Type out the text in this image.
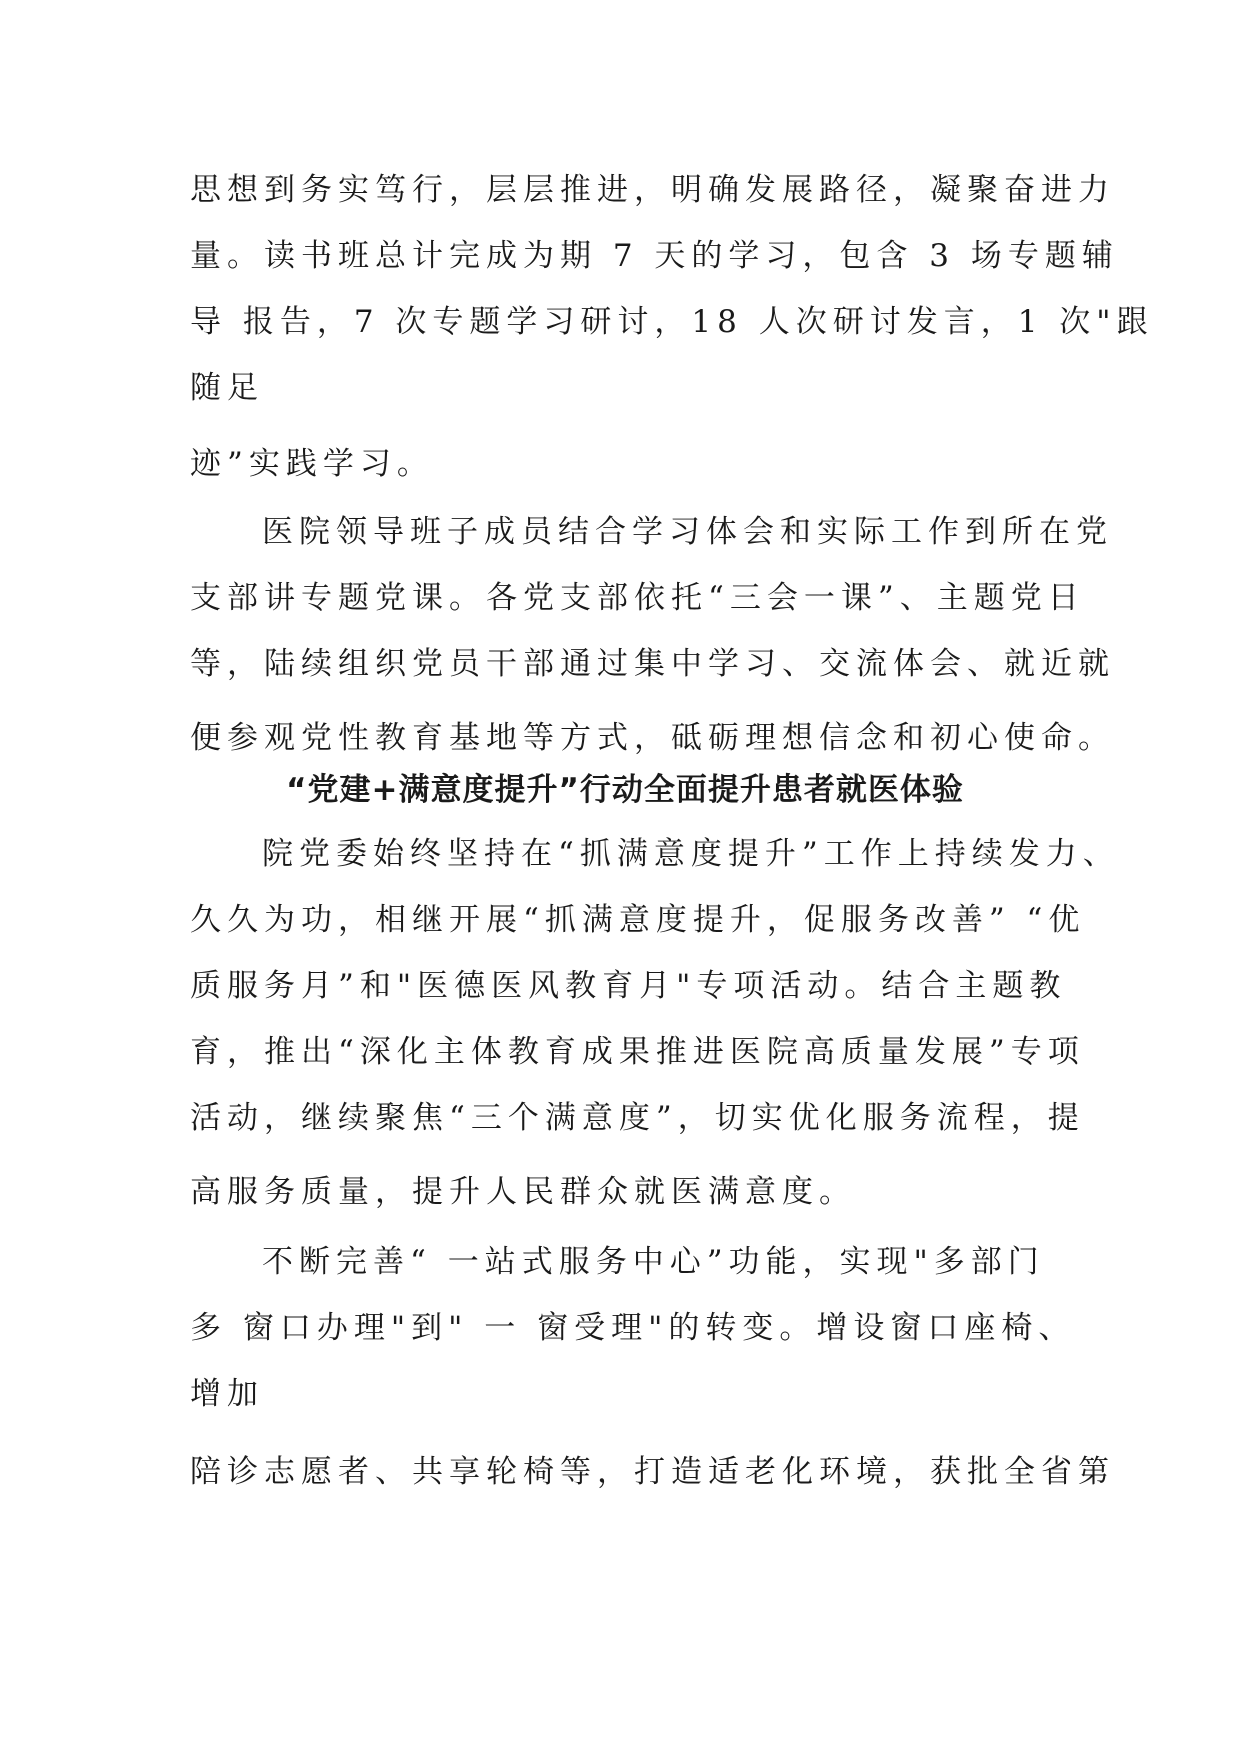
思想到务实笃行，层层推进，明确发展路径，凝聚奋进力
量。读书班总计完成为期 7 天的学习，包含 3 场专题辅
导 报告，7 次专题学习研讨，18 人次研讨发言，1 次"跟
随足
迹”实践学习。
医院领导班子成员结合学习体会和实际工作到所在党
支部讲专题党课。各党支部依托“三会一课”、主题党日
等，陆续组织党员干部通过集中学习、交流体会、就近就
便参观党性教育基地等方式，砥砺理想信念和初心使命。
“党建+满意度提升”行动全面提升患者就医体验
院党委始终坚持在“抓满意度提升”工作上持续发力、
久久为功，相继开展“抓满意度提升，促服务改善” “优
质服务月”和"医德医风教育月"专项活动。结合主题教
育，推出“深化主体教育成果推进医院高质量发展”专项
活动，继续聚焦“三个满意度”，切实优化服务流程，提
高服务质量，提升人民群众就医满意度。
不断完善“ 一站式服务中心”功能，实现"多部门
多 窗口办理"到" 一 窗受理"的转变。增设窗口座椅、
增加
陪诊志愿者、共享轮椅等，打造适老化环境，获批全省第
